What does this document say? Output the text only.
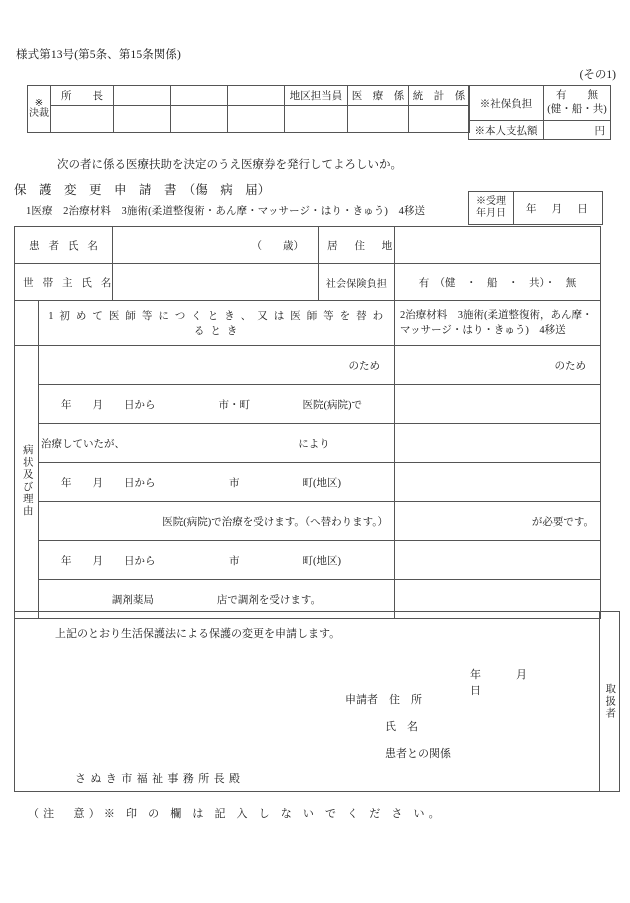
様式第13号(第5条、第15条関係)
(その1)
※
決裁	所　　長				地区担当員	医　療　係	統　計　係

※社保負担	有　　無
(健・船・共)

※本人支払額	円
次の者に係る医療扶助を決定のうえ医療券を発行してよろしいか。
保　護　変　更　申　請　書　（傷　病　届）
1医療　2治療材料　3施術(柔道整復術・あん摩・マッサージ・はり・きゅう)　4移送
※受理
年月日	年　月　日
患 者 氏 名		（　　歳）	居　住　地	
世 帯 主 氏 名			社会保険負担	有　（健　・　船　・　共）・　無
	1 初 め て 医 師 等 に つ く と き 、 又 は 医 師 等 を 替 わ る と き			2治療材料　3施術(柔道整復術，あん摩・マッサージ・はり・きゅう)　4移送
病状及び理由	のため			のため
	年　　月　　日から　　　　　　市・町　　　　　医院(病院)で			
	治療していたが、　　　　　　　　　　　　　　　　　により			
	年　　月　　日から　　　　　　　市　　　　　　町(地区)			
	医院(病院)で治療を受けます。（へ替わります。）			が必要です。
	年　　月　　日から　　　　　　　市　　　　　　町(地区)			
	調剤薬局　　　　　　店で調剤を受けます。			
上記のとおり生活保護法による保護の変更を申請します。
年	月日
申請者　住　所
氏　名
患者との関係
さぬき市福祉事務所長殿
取扱者
（注　意）※ 印 の 欄 は 記 入 し な い で く だ さ い。
